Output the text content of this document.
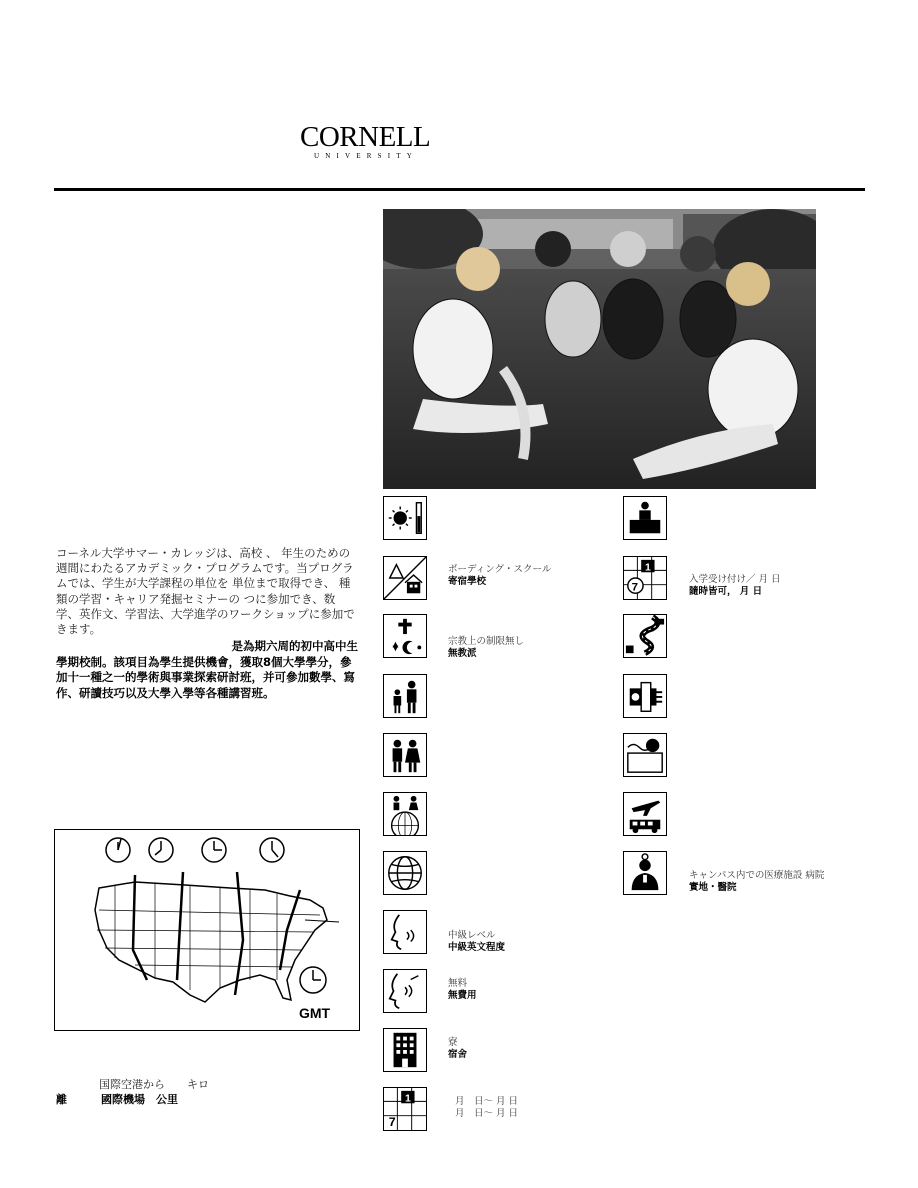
CORNELL
UNIVERSITY
コーネル大学サマー・カレッジは、高校 、 年生のための 週間にわたるアカデミック・プログラムです。当プログラムでは、学生が大学課程の単位を 単位まで取得でき、 種類の学習・キャリア発掘セミナーの つに参加でき、数学、英作文、学習法、大学進学のワークショップに参加できます。
是為期六周的初中高中生
學期校制。該項目為學生提供機會，獲取8個大學學分，參加十一種之一的學術與事業探索研討班，并可參加數學、寫作、研讀技巧以及大學入學等各種講習班。
GMT
国際空港から　　キロ
離	國際機場　公里
ボーディング・スクール
寄宿學校
宗教上の制限無し
無教派
中級レベル
中級英文程度
無料
無費用
寮
宿舍
1
7
月　日～ 月 日
月　日～ 月 日
1
7
入学受け付け／ 月 日
隨時皆可， 月 日
キャンパス内での医療施設 病院
實地・醫院
